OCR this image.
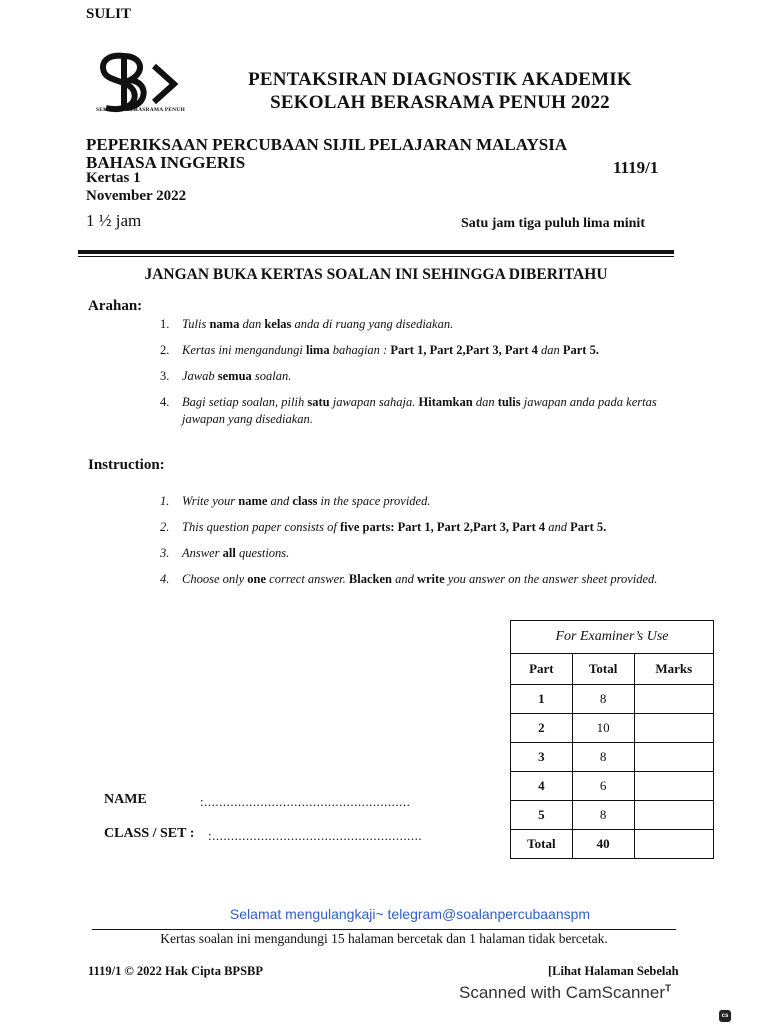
SULIT
SEKOLAH BERASRAMA PENUH
PENTAKSIRAN DIAGNOSTIK AKADEMIK
SEKOLAH BERASRAMA PENUH 2022
PEPERIKSAAN PERCUBAAN SIJIL PELAJARAN MALAYSIA
BAHASA INGGERIS	1119/1
Kertas 1
November 2022
1 ½ jam	Satu jam tiga puluh lima minit
JANGAN BUKA KERTAS SOALAN INI SEHINGGA DIBERITAHU
Arahan:
1. Tulis nama dan kelas anda di ruang yang disediakan.
2. Kertas ini mengandungi lima bahagian : Part 1, Part 2,Part 3, Part 4 dan Part 5.
3. Jawab semua soalan.
4. Bagi setiap soalan, pilih satu jawapan sahaja. Hitamkan dan tulis jawapan anda pada kertas jawapan yang disediakan.
Instruction:
1. Write your name and class in the space provided.
2. This question paper consists of five parts: Part 1, Part 2,Part 3, Part 4 and Part 5.
3. Answer all questions.
4. Choose only one correct answer. Blacken and write you answer on the answer sheet provided.
For Examiner’s Use		
Part	Total	Marks
1	8	
2	10	
3	8	
4	6	
5	8	
Total	40	
NAME	:.......................................................
CLASS / SET : :........................................................
Selamat mengulangkaji~ telegram@soalanpercubaanspm
Kertas soalan ini mengandungi 15 halaman bercetak dan 1 halaman tidak bercetak.
1119/1 © 2022 Hak Cipta BPSBP	[Lihat Halaman Sebelah
Scanned with CamScanner$^T$
cs
